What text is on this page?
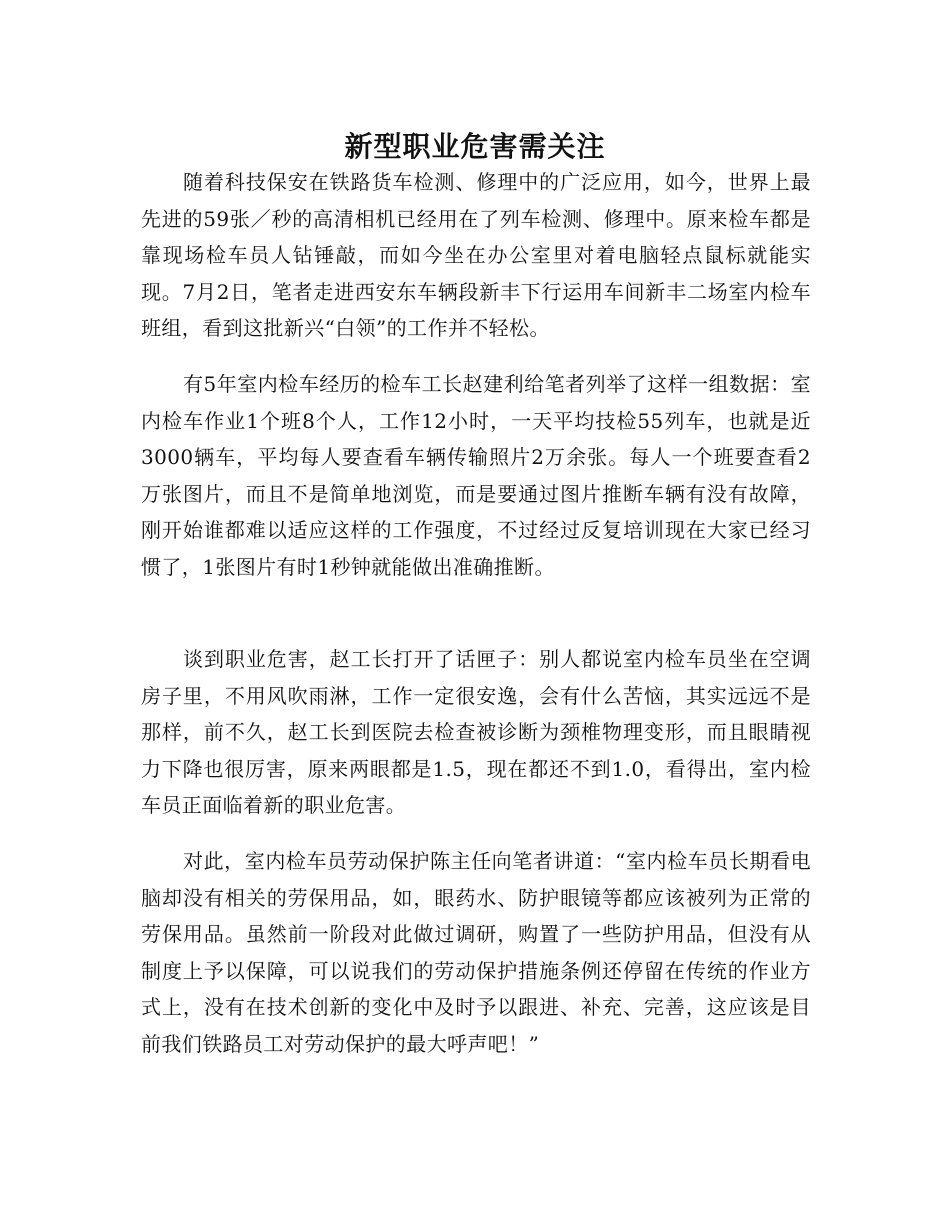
新型职业危害需关注

随着科技保安在铁路货车检测、修理中的广泛应用，如今，世界上最先进的59张／秒的高清相机已经用在了列车检测、修理中。原来检车都是靠现场检车员人钻锤敲，而如今坐在办公室里对着电脑轻点鼠标就能实现。7月2日，笔者走进西安东车辆段新丰下行运用车间新丰二场室内检车班组，看到这批新兴“白领”的工作并不轻松。

有5年室内检车经历的检车工长赵建利给笔者列举了这样一组数据：室内检车作业1个班8个人，工作12小时，一天平均技检55列车，也就是近3000辆车，平均每人要查看车辆传输照片2万余张。每人一个班要查看2万张图片，而且不是简单地浏览，而是要通过图片推断车辆有没有故障，刚开始谁都难以适应这样的工作强度，不过经过反复培训现在大家已经习惯了，1张图片有时1秒钟就能做出准确推断。

谈到职业危害，赵工长打开了话匣子：别人都说室内检车员坐在空调房子里，不用风吹雨淋，工作一定很安逸，会有什么苦恼，其实远远不是那样，前不久，赵工长到医院去检查被诊断为颈椎物理变形，而且眼睛视力下降也很厉害，原来两眼都是1.5，现在都还不到1.0，看得出，室内检车员正面临着新的职业危害。

对此，室内检车员劳动保护陈主任向笔者讲道：“室内检车员长期看电脑却没有相关的劳保用品，如，眼药水、防护眼镜等都应该被列为正常的劳保用品。虽然前一阶段对此做过调研，购置了一些防护用品，但没有从制度上予以保障，可以说我们的劳动保护措施条例还停留在传统的作业方式上，没有在技术创新的变化中及时予以跟进、补充、完善，这应该是目前我们铁路员工对劳动保护的最大呼声吧！”
